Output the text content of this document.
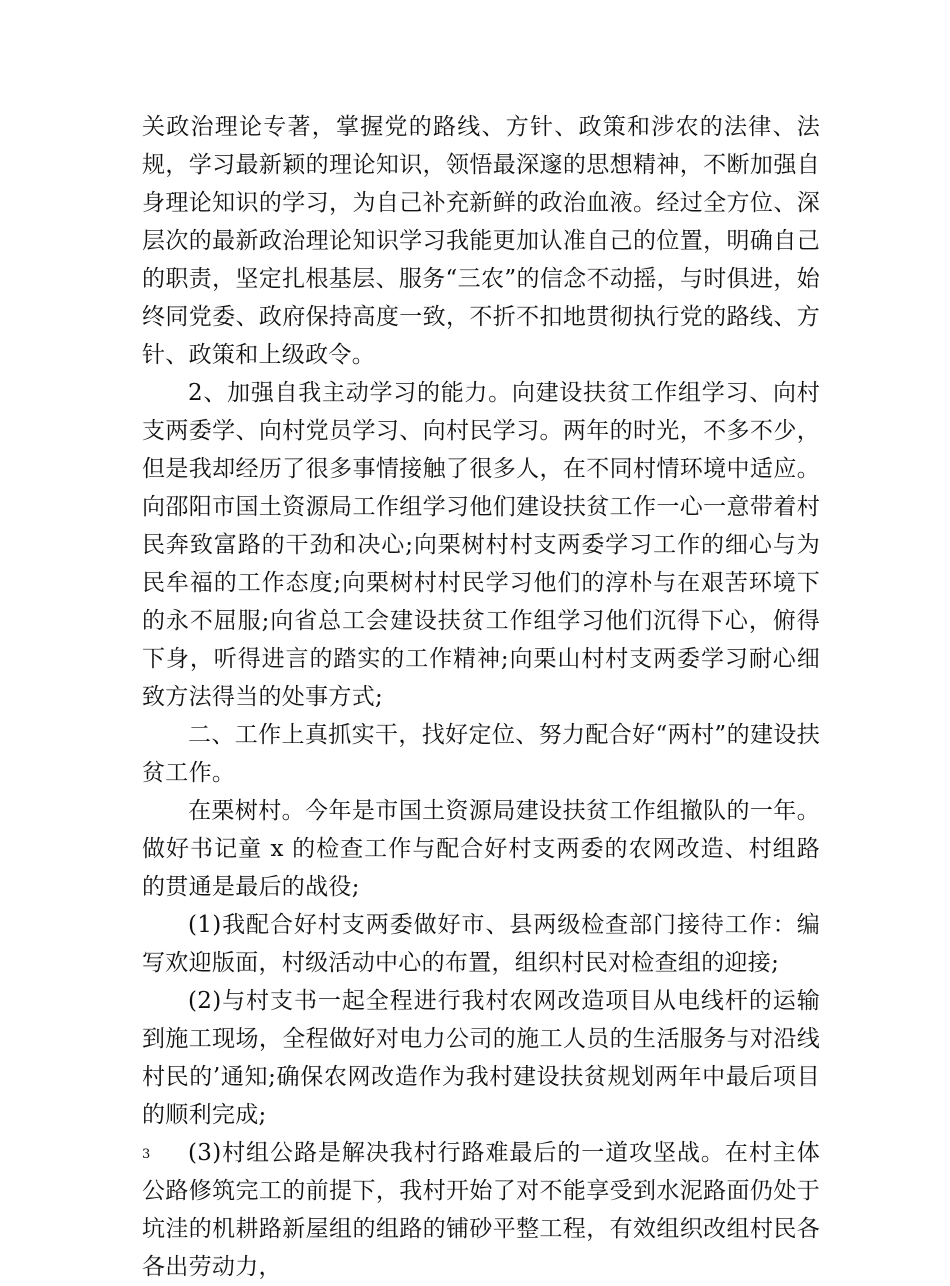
关政治理论专著，掌握党的路线、方针、政策和涉农的法律、法规，学习最新颖的理论知识，领悟最深邃的思想精神，不断加强自身理论知识的学习，为自己补充新鲜的政治血液。经过全方位、深层次的最新政治理论知识学习我能更加认准自己的位置，明确自己的职责，坚定扎根基层、服务“三农”的信念不动摇，与时俱进，始终同党委、政府保持高度一致，不折不扣地贯彻执行党的路线、方针、政策和上级政令。

2、加强自我主动学习的能力。向建设扶贫工作组学习、向村支两委学、向村党员学习、向村民学习。两年的时光，不多不少，但是我却经历了很多事情接触了很多人，在不同村情环境中适应。向邵阳市国土资源局工作组学习他们建设扶贫工作一心一意带着村民奔致富路的干劲和决心;向栗树村村支两委学习工作的细心与为民牟福的工作态度;向栗树村村民学习他们的淳朴与在艰苦环境下的永不屈服;向省总工会建设扶贫工作组学习他们沉得下心，俯得下身，听得进言的踏实的工作精神;向栗山村村支两委学习耐心细致方法得当的处事方式;

二、工作上真抓实干，找好定位、努力配合好“两村”的建设扶贫工作。

在栗树村。今年是市国土资源局建设扶贫工作组撤队的一年。做好书记童 x 的检查工作与配合好村支两委的农网改造、村组路的贯通是最后的战役;

(1)我配合好村支两委做好市、县两级检查部门接待工作：编写欢迎版面，村级活动中心的布置，组织村民对检查组的迎接;

(2)与村支书一起全程进行我村农网改造项目从电线杆的运输到施工现场，全程做好对电力公司的施工人员的生活服务与对沿线村民的’通知;确保农网改造作为我村建设扶贫规划两年中最后项目的顺利完成;

(3)村组公路是解决我村行路难最后的一道攻坚战。在村主体公路修筑完工的前提下，我村开始了对不能享受到水泥路面仍处于坑洼的机耕路新屋组的组路的铺砂平整工程，有效组织改组村民各各出劳动力，

3
